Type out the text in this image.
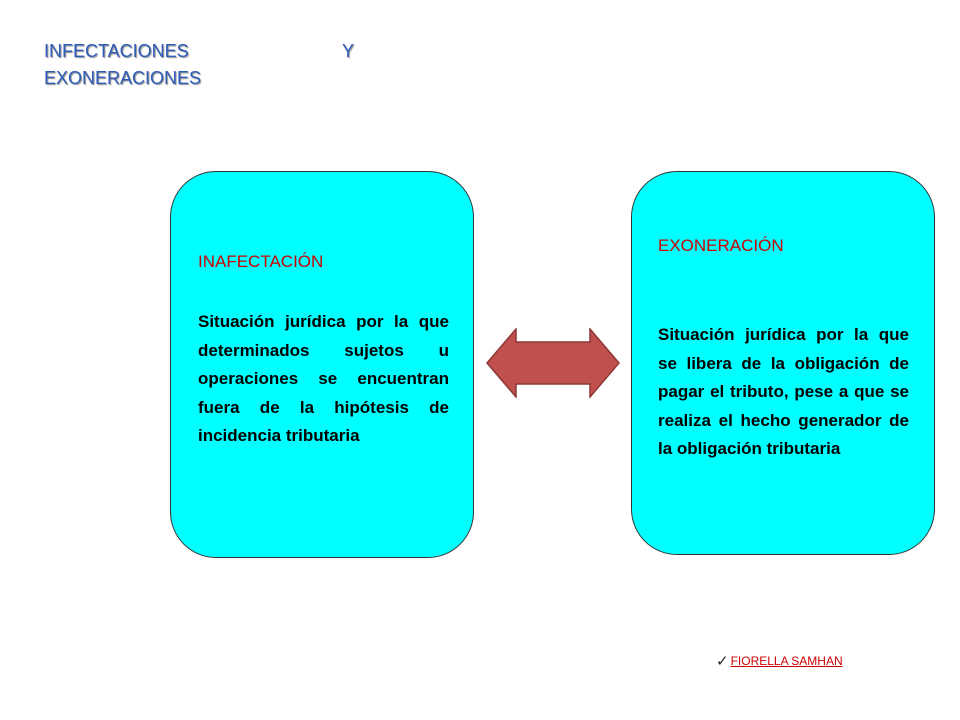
INFECTACIONES	Y
EXONERACIONES
INAFECTACIÓN
Situación jurídica por la que determinados sujetos u operaciones se encuentran fuera de la hipótesis de incidencia tributaria
EXONERACIÓN
Situación jurídica por la que se libera de la obligación de pagar el tributo, pese a que se realiza el hecho generador de la obligación tributaria
✓ FIORELLA SAMHAN
